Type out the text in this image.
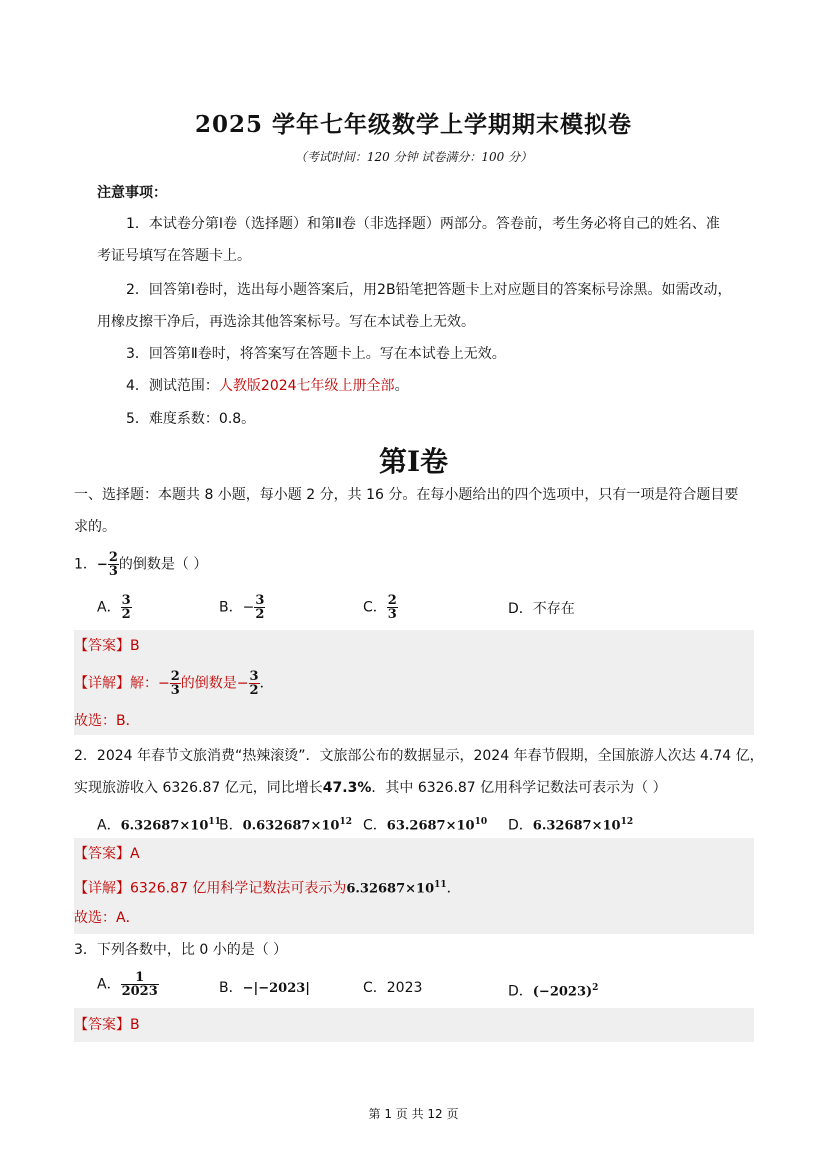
2025 学年七年级数学上学期期末模拟卷
（考试时间：120 分钟 试卷满分：100 分）
注意事项：
1．本试卷分第Ⅰ卷（选择题）和第Ⅱ卷（非选择题）两部分。答卷前，考生务必将自己的姓名、准
考证号填写在答题卡上。
2．回答第Ⅰ卷时，选出每小题答案后，用2B铅笔把答题卡上对应题目的答案标号涂黑。如需改动，
用橡皮擦干净后，再选涂其他答案标号。写在本试卷上无效。
3．回答第Ⅱ卷时，将答案写在答题卡上。写在本试卷上无效。
4．测试范围：人教版2024七年级上册全部。
5．难度系数：0.8。
第Ⅰ卷
一、选择题：本题共 8 小题，每小题 2 分，共 16 分。在每小题给出的四个选项中，只有一项是符合题目要
求的。
1．− $\frac{2}{3}$ 的倒数是（ ）
A． $\frac{3}{2}$	B．− $\frac{3}{2}$	C． $\frac{2}{3}$	D．不存在
【答案】B
【详解】解：− $\frac{2}{3}$ 的倒数是− $\frac{3}{2}$ ．
故选：B．
2．2024 年春节文旅消费“热辣滚烫”．文旅部公布的数据显示，2024 年春节假期，全国旅游人次达 4.74 亿，
实现旅游收入 6326.87 亿元，同比增长47.3%．其中 6326.87 亿用科学记数法可表示为（ ）
A．$6.32687\times 10^{11}$
B．$0.632687\times 10^{12}$ C．$63.2687\times 10^{10}$ D．$6.32687\times 10^{12}$
【答案】A
【详解】6326.87 亿用科学记数法可表示为$6.32687\times 10^{11}$．
故选：A．
3．下列各数中，比 0 小的是（ ）
A． $\frac{1}{2023}$	B．−|−2023|	C．2023	D．$(-2023)^2$
【答案】B
第 1 页 共 12 页
